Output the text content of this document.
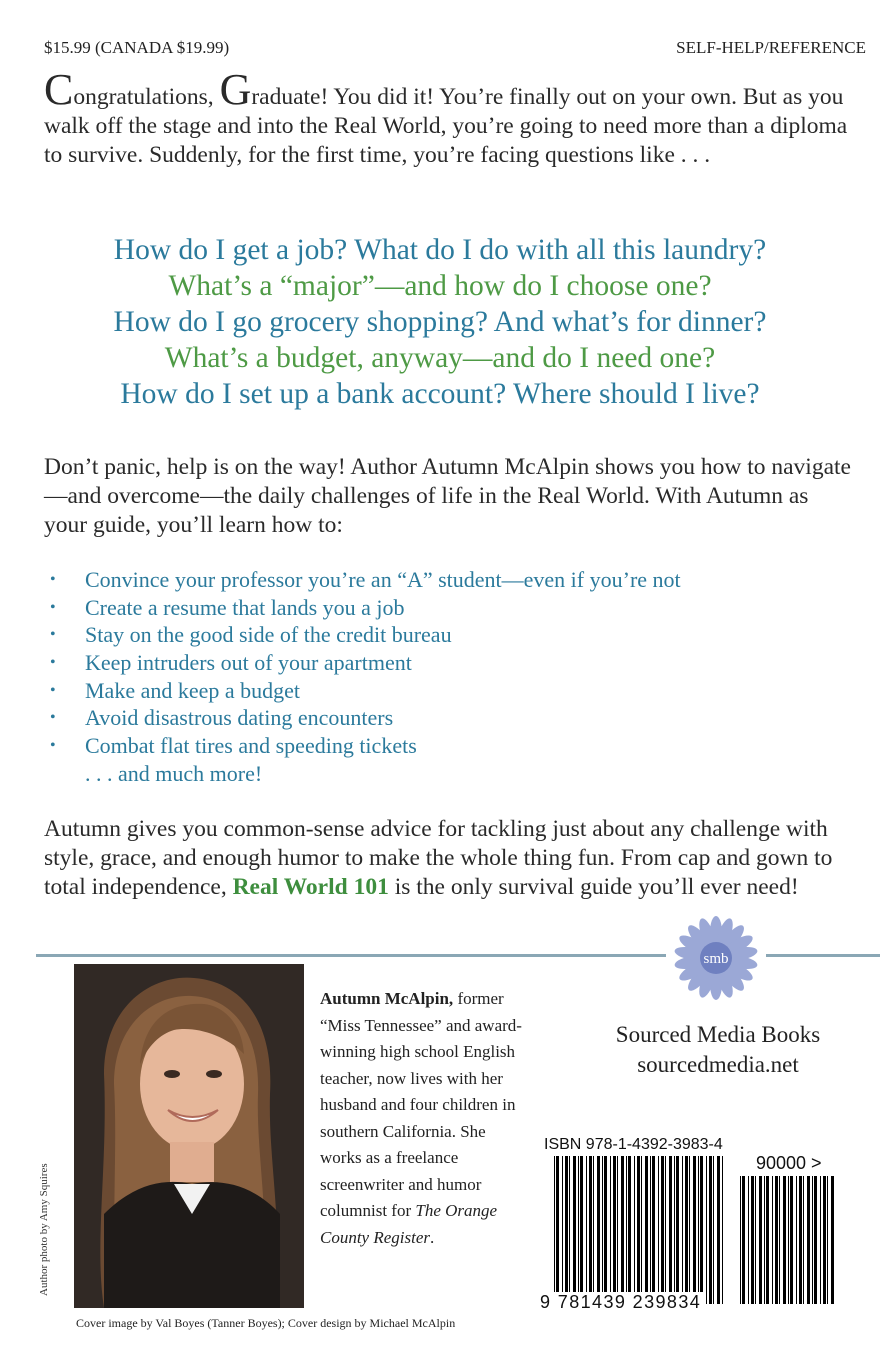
$15.99 (CANADA $19.99)	SELF-HELP/REFERENCE

Congratulations, Graduate! You did it! You’re finally out on your own. But as you walk off the stage and into the Real World, you’re going to need more than a diploma to survive. Suddenly, for the first time, you’re facing questions like . . .

How do I get a job? What do I do with all this laundry?
What’s a “major”—and how do I choose one?
How do I go grocery shopping? And what’s for dinner?
What’s a budget, anyway—and do I need one?
How do I set up a bank account? Where should I live?

Don’t panic, help is on the way! Author Autumn McAlpin shows you how to navigate—and overcome—the daily challenges of life in the Real World. With Autumn as your guide, you’ll learn how to:

• Convince your professor you’re an “A” student—even if you’re not
• Create a resume that lands you a job
• Stay on the good side of the credit bureau
• Keep intruders out of your apartment
• Make and keep a budget
• Avoid disastrous dating encounters
• Combat flat tires and speeding tickets
. . . and much more!

Autumn gives you common-sense advice for tackling just about any challenge with style, grace, and enough humor to make the whole thing fun. From cap and gown to total independence, Real World 101 is the only survival guide you’ll ever need!

smb
Author photo by Amy Squires

Autumn McAlpin, former “Miss Tennessee” and award-winning high school English teacher, now lives with her husband and four children in southern California. She works as a freelance screenwriter and humor columnist for The Orange County Register.

Sourced Media Books
sourcedmedia.net
ISBN 978-1-4392-3983-4
90000 >
9 781439 239834
Cover image by Val Boyes (Tanner Boyes); Cover design by Michael McAlpin
